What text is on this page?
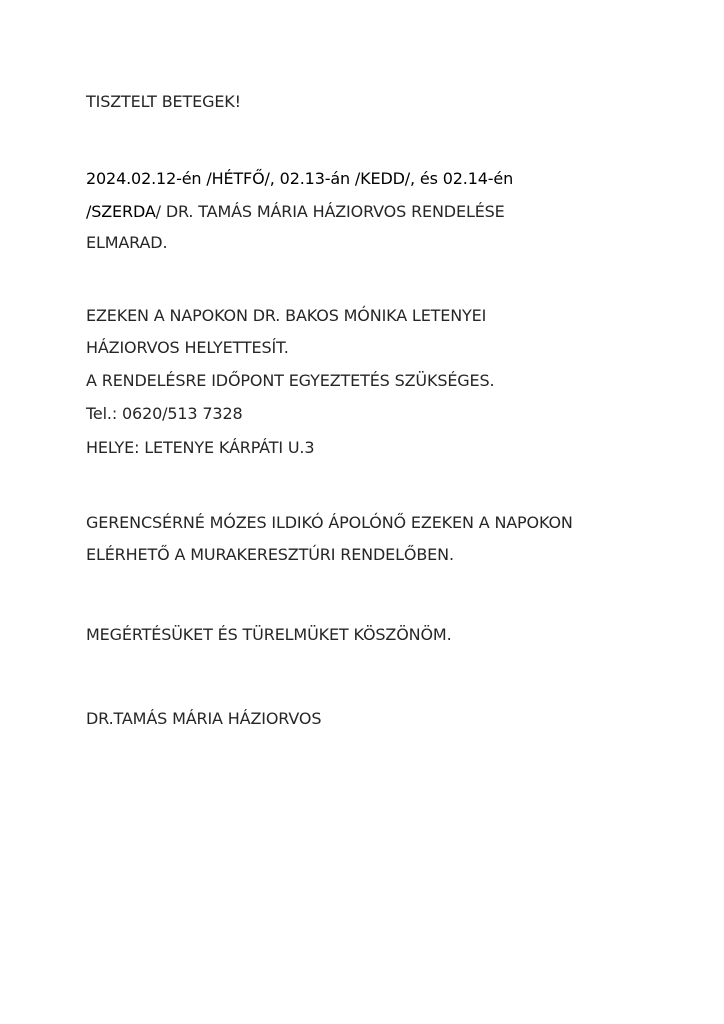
TISZTELT BETEGEK!
2024.02.12-én /HÉTFŐ/, 02.13-án /KEDD/, és 02.14-én
/SZERDA/ DR. TAMÁS MÁRIA HÁZIORVOS RENDELÉSE
ELMARAD.
EZEKEN A NAPOKON DR. BAKOS MÓNIKA LETENYEI
HÁZIORVOS HELYETTESÍT.
A RENDELÉSRE IDŐPONT EGYEZTETÉS SZÜKSÉGES.
Tel.: 0620/513 7328
HELYE: LETENYE KÁRPÁTI U.3
GERENCSÉRNÉ MÓZES ILDIKÓ ÁPOLÓNŐ EZEKEN A NAPOKON
ELÉRHETŐ A MURAKERESZTÚRI RENDELŐBEN.
MEGÉRTÉSÜKET ÉS TÜRELMÜKET KÖSZÖNÖM.
DR.TAMÁS MÁRIA HÁZIORVOS
